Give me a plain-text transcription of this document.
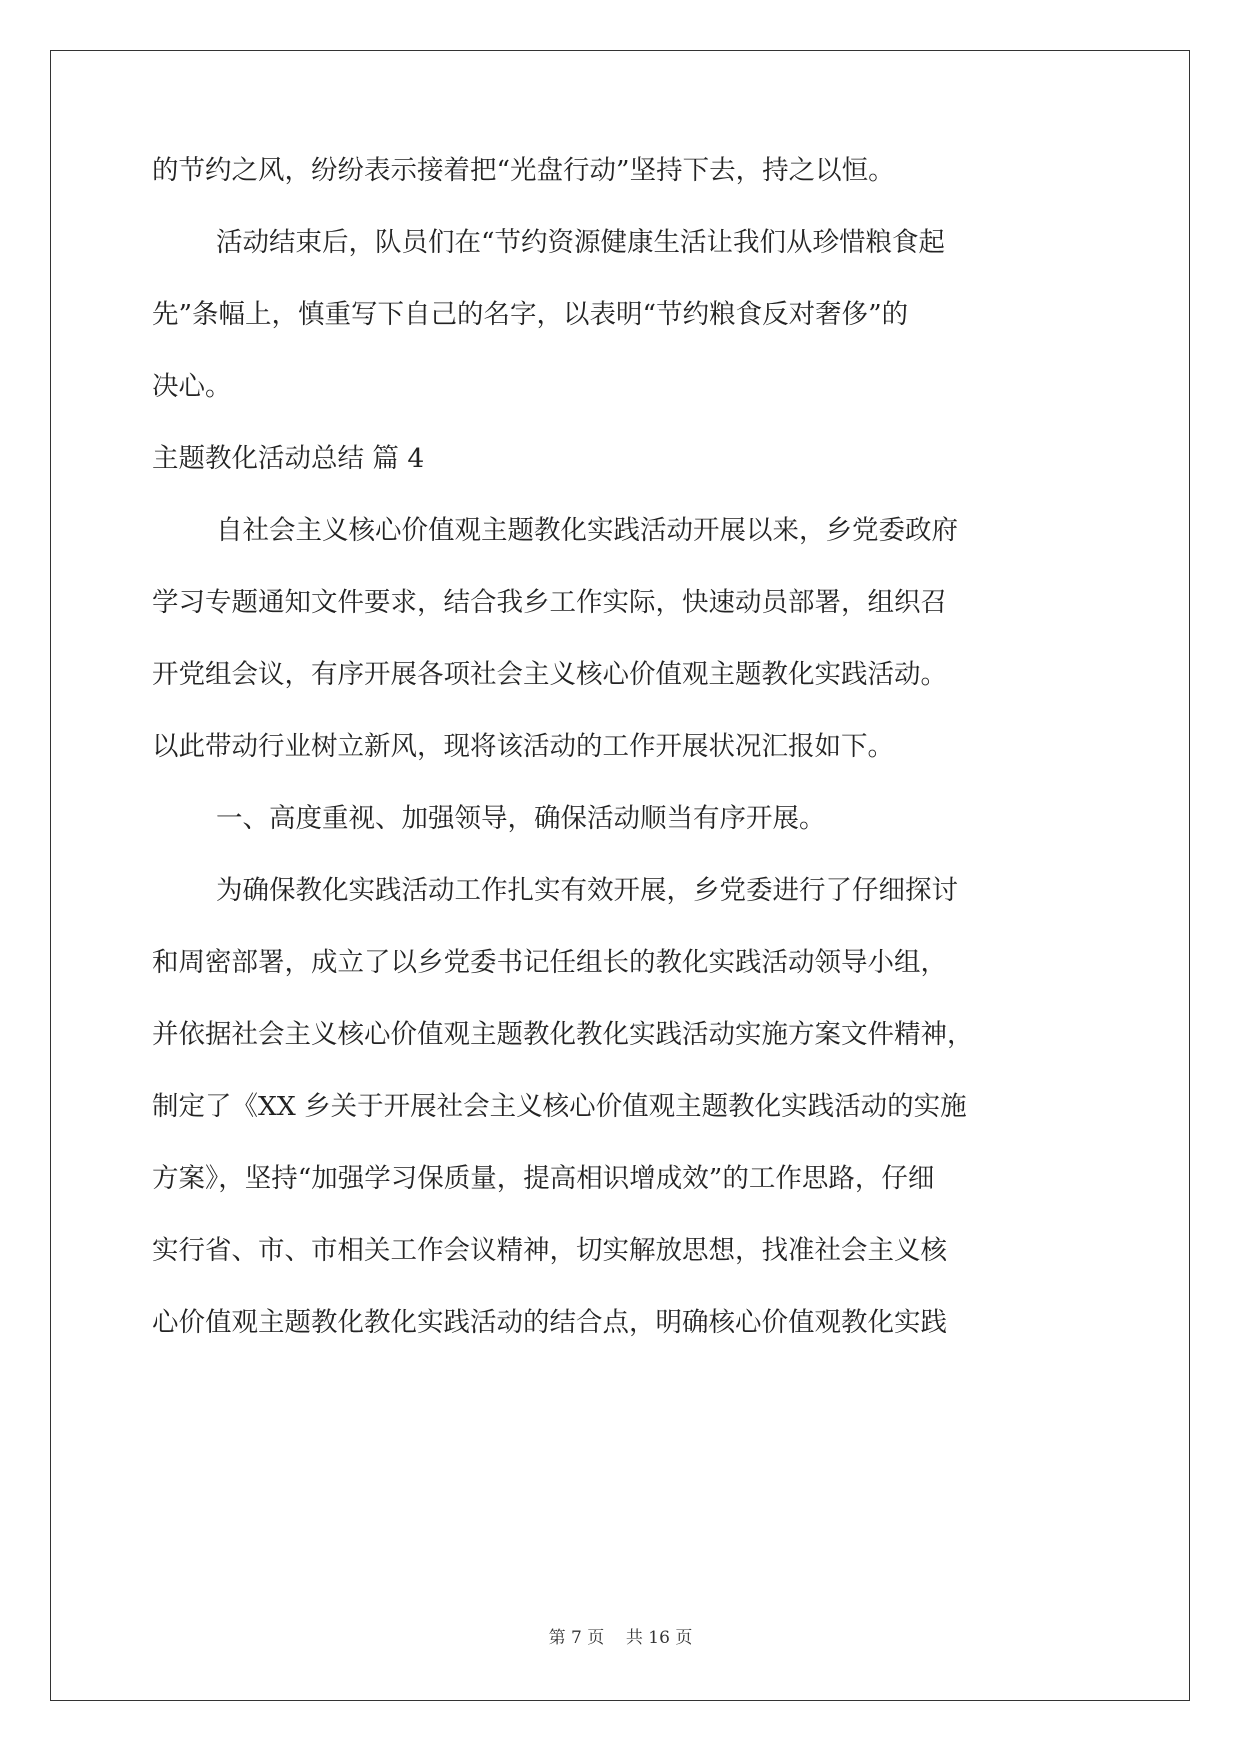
的节约之风，纷纷表示接着把“光盘行动”坚持下去，持之以恒。

活动结束后，队员们在“节约资源健康生活让我们从珍惜粮食起

先”条幅上，慎重写下自己的名字，以表明“节约粮食反对奢侈”的

决心。

主题教化活动总结 篇 4

自社会主义核心价值观主题教化实践活动开展以来，乡党委政府

学习专题通知文件要求，结合我乡工作实际，快速动员部署，组织召

开党组会议，有序开展各项社会主义核心价值观主题教化实践活动。

以此带动行业树立新风，现将该活动的工作开展状况汇报如下。

一、高度重视、加强领导，确保活动顺当有序开展。

为确保教化实践活动工作扎实有效开展，乡党委进行了仔细探讨

和周密部署，成立了以乡党委书记任组长的教化实践活动领导小组，

并依据社会主义核心价值观主题教化教化实践活动实施方案文件精神，

制定了《XX 乡关于开展社会主义核心价值观主题教化实践活动的实施

方案》，坚持“加强学习保质量，提高相识增成效”的工作思路，仔细

实行省、市、市相关工作会议精神，切实解放思想，找准社会主义核

心价值观主题教化教化实践活动的结合点，明确核心价值观教化实践

第 7 页    共 16 页
